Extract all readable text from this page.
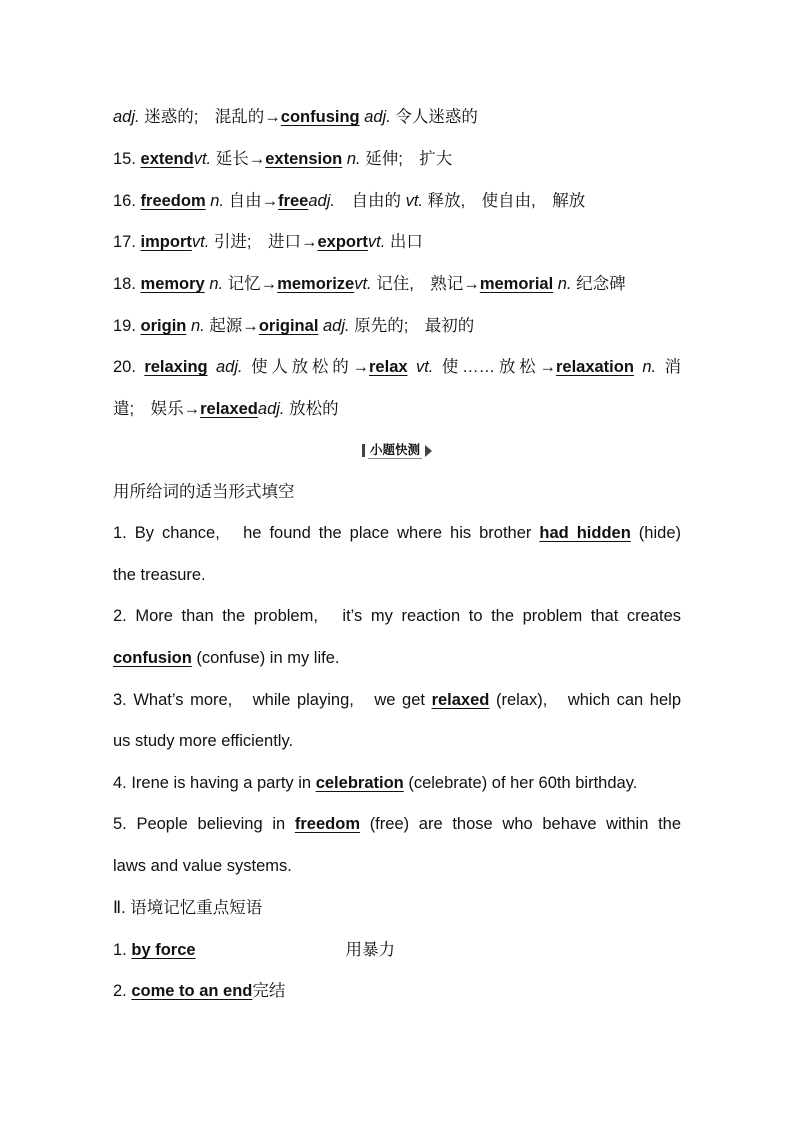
adj. 迷惑的;　混乱的→confusing adj. 令人迷惑的
15. extendvt. 延长→extension n. 延伸;　扩大
16. freedom n. 自由→freeadj.　自由的 vt. 释放,　使自由,　解放
17. importvt. 引进;　进口→exportvt. 出口
18. memory n. 记忆→memorizevt. 记住,　熟记→memorial n. 纪念碑
19. origin n. 起源→original adj. 原先的;　最初的
20. relaxing adj. 使人放松的→relax vt. 使……放松→relaxation n. 消
遣;　娱乐→relaxedadj. 放松的
小题快测
用所给词的适当形式填空
1. By chance,　he found the place where his brother had hidden (hide)
the treasure.
2. More than the problem,　it’s my reaction to the problem that creates
confusion (confuse) in my life.
3. What’s more,　while playing,　we get relaxed (relax),　which can help
us study more efficiently.
4. Irene is having a party in celebration (celebrate) of her 60th birthday.
5. People believing in freedom (free) are those who behave within the
laws and value systems.
Ⅱ. 语境记忆重点短语
1. by force	用暴力
2. come to an end完结
